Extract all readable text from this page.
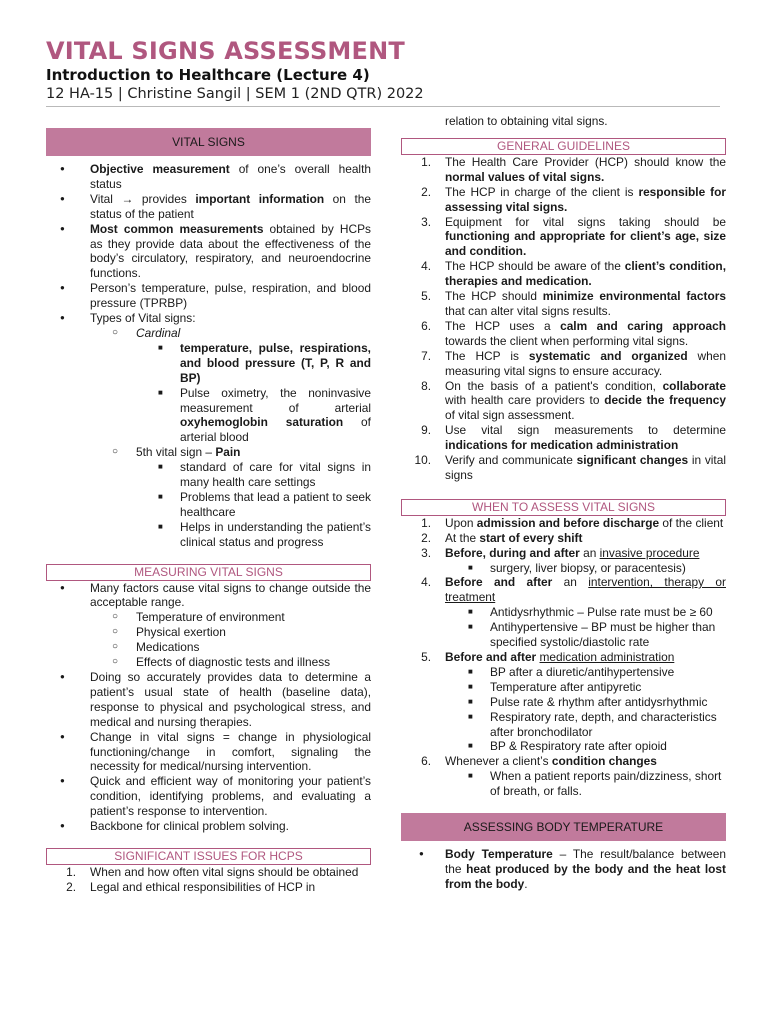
VITAL SIGNS ASSESSMENT
Introduction to Healthcare (Lecture 4)
12 HA-15 | Christine Sangil | SEM 1 (2ND QTR) 2022
VITAL SIGNS
● Objective measurement of one’s overall health status
● Vital → provides important information on the status of the patient
● Most common measurements obtained by HCPs as they provide data about the effectiveness of the body’s circulatory, respiratory, and neuroendocrine functions.
● Person’s temperature, pulse, respiration, and blood pressure (TPRBP)
● Types of Vital signs:
○ Cardinal
■ temperature, pulse, respirations, and blood pressure (T, P, R and BP)
■ Pulse oximetry, the noninvasive measurement of arterial oxyhemoglobin saturation of arterial blood
○ 5th vital sign – Pain
■ standard of care for vital signs in many health care settings
■ Problems that lead a patient to seek healthcare
■ Helps in understanding the patient’s clinical status and progress
MEASURING VITAL SIGNS
● Many factors cause vital signs to change outside the acceptable range.
○ Temperature of environment
○ Physical exertion
○ Medications
○ Effects of diagnostic tests and illness
● Doing so accurately provides data to determine a patient’s usual state of health (baseline data), response to physical and psychological stress, and medical and nursing therapies.
● Change in vital signs = change in physiological functioning/change in comfort, signaling the necessity for medical/nursing intervention.
● Quick and efficient way of monitoring your patient’s condition, identifying problems, and evaluating a patient’s response to intervention.
● Backbone for clinical problem solving.
SIGNIFICANT ISSUES FOR HCPS
1. When and how often vital signs should be obtained
2. Legal and ethical responsibilities of HCP in
relation to obtaining vital signs.
GENERAL GUIDELINES
1. The Health Care Provider (HCP) should know the normal values of vital signs.
2. The HCP in charge of the client is responsible for assessing vital signs.
3. Equipment for vital signs taking should be functioning and appropriate for client’s age, size and condition.
4. The HCP should be aware of the client’s condition, therapies and medication.
5. The HCP should minimize environmental factors that can alter vital signs results.
6. The HCP uses a calm and caring approach towards the client when performing vital signs.
7. The HCP is systematic and organized when measuring vital signs to ensure accuracy.
8. On the basis of a patient's condition, collaborate with health care providers to decide the frequency of vital sign assessment.
9. Use vital sign measurements to determine indications for medication administration
10. Verify and communicate significant changes in vital signs
WHEN TO ASSESS VITAL SIGNS
1. Upon admission and before discharge of the client
2. At the start of every shift
3. Before, during and after an invasive procedure
■ surgery, liver biopsy, or paracentesis)
4. Before and after an intervention, therapy or treatment
■ Antidysrhythmic – Pulse rate must be ≥ 60
■ Antihypertensive – BP must be higher than specified systolic/diastolic rate
5. Before and after medication administration
■ BP after a diuretic/antihypertensive
■ Temperature after antipyretic
■ Pulse rate & rhythm after antidysrhythmic
■ Respiratory rate, depth, and characteristics after bronchodilator
■ BP & Respiratory rate after opioid
6. Whenever a client’s condition changes
■ When a patient reports pain/dizziness, short of breath, or falls.
ASSESSING BODY TEMPERATURE
● Body Temperature – The result/balance between the heat produced by the body and the heat lost from the body.
